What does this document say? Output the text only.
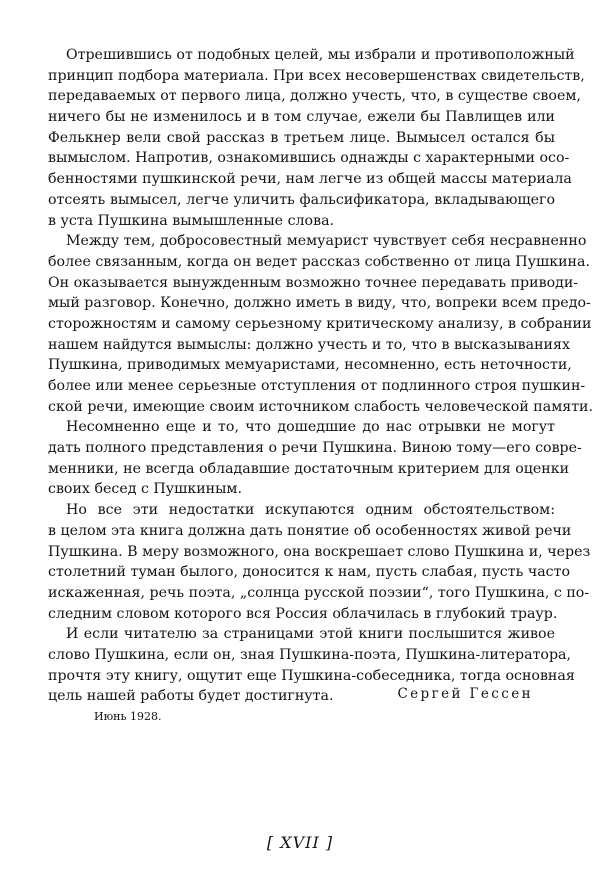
Отрешившись от подобных целей, мы избрали и противоположный
принцип подбора материала. При всех несовершенствах свидетельств,
передаваемых от первого лица, должно учесть, что, в существе своем,
ничего бы не изменилось и в том случае, ежели бы Павлищев или
Фелькнер вели свой рассказ в третьем лице. Вымысел остался бы
вымыслом. Напротив, ознакомившись однажды с характерными осо-
бенностями пушкинской речи, нам легче из общей массы материала
отсеять вымысел, легче уличить фальсификатора, вкладывающего
в уста Пушкина вымышленные слова.
Между тем, добросовестный мемуарист чувствует себя несравненно
более связанным, когда он ведет рассказ собственно от лица Пушкина.
Он оказывается вынужденным возможно точнее передавать приводи-
мый разговор. Конечно, должно иметь в виду, что, вопреки всем предо-
сторожностям и самому серьезному критическому анализу, в собрании
нашем найдутся вымыслы: должно учесть и то, что в высказываниях
Пушкина, приводимых мемуаристами, несомненно, есть неточности,
более или менее серьезные отступления от подлинного строя пушкин-
ской речи, имеющие своим источником слабость человеческой памяти.
Несомненно еще и то, что дошедшие до нас отрывки не могут
дать полного представления о речи Пушкина. Виною тому—его совре-
менники, не всегда обладавшие достаточным критерием для оценки
своих бесед с Пушкиным.
Но все эти недостатки искупаются одним обстоятельством:
в целом эта книга должна дать понятие об особенностях живой речи
Пушкина. В меру возможного, она воскрешает слово Пушкина и, через
столетний туман былого, доносится к нам, пусть слабая, пусть часто
искаженная, речь поэта, „солнца русской поэзии“, того Пушкина, с по-
следним словом которого вся Россия облачилась в глубокий траур.
И если читателю за страницами этой книги послышится живое
слово Пушкина, если он, зная Пушкина-поэта, Пушкина-литератора,
прочтя эту книгу, ощутит еще Пушкина-собеседника, тогда основная
цель нашей работы будет достигнута.	Сергей Гессен
Июнь 1928.
[ XVII ]
